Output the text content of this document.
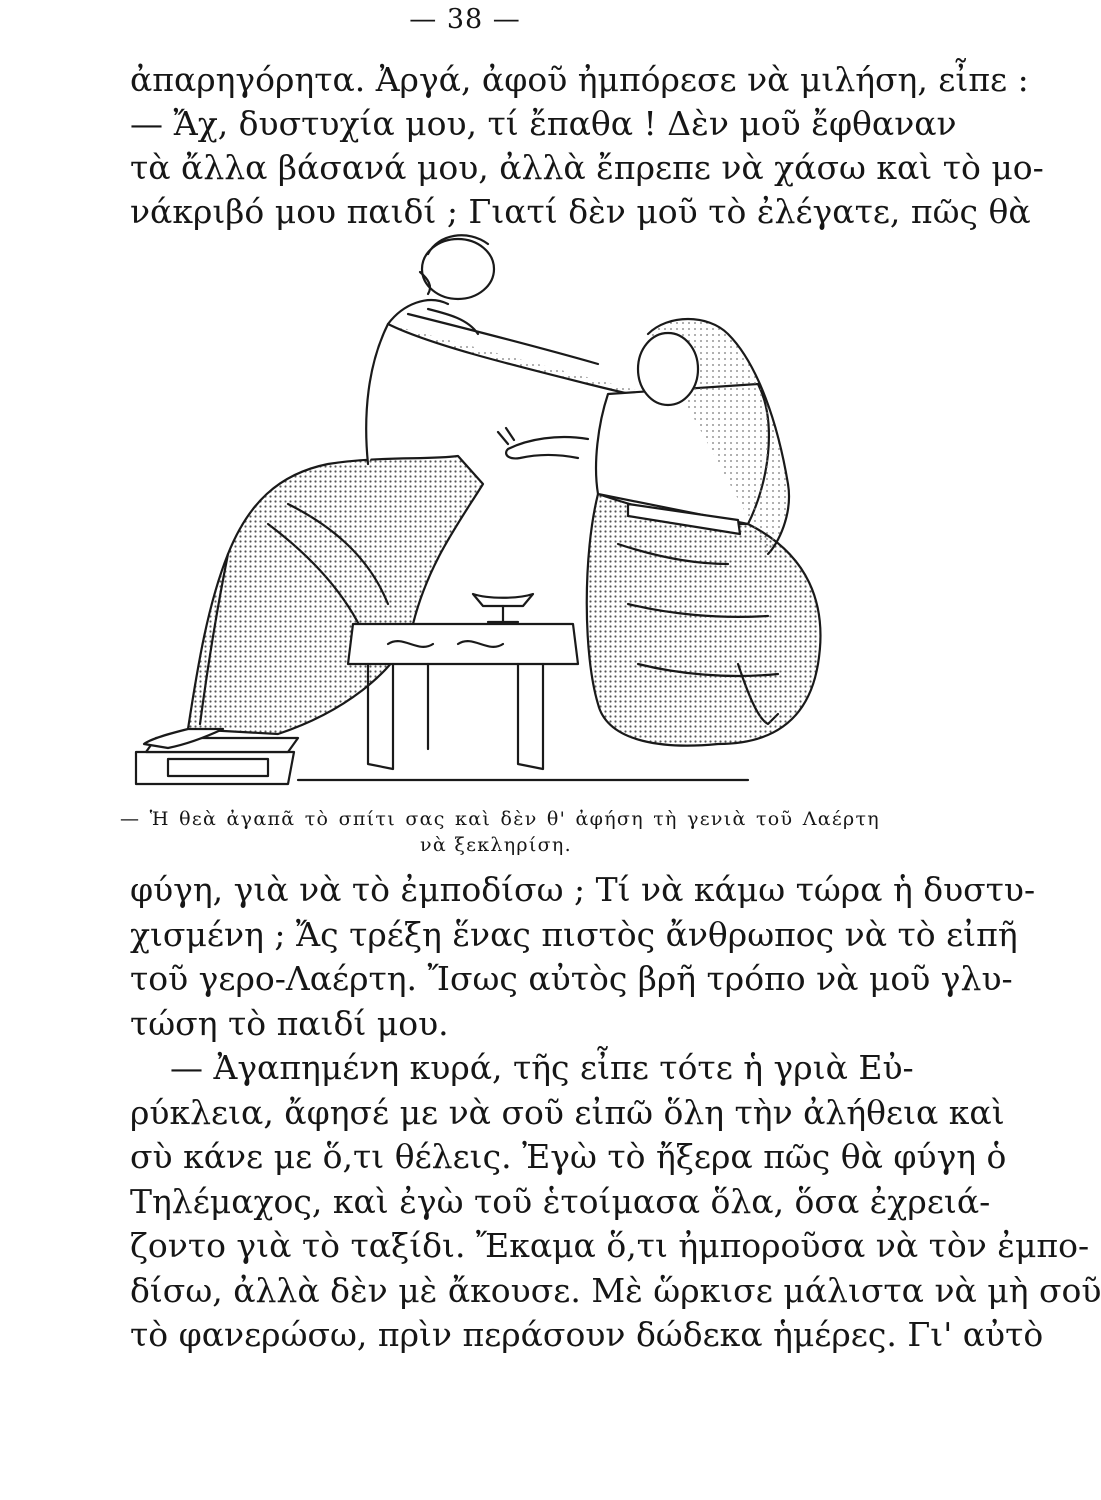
— 38 —
ἀπαρηγόρητα. Ἀργά, ἀφοῦ ἠμπόρεσε νὰ μιλήση, εἶπε :
— Ἄχ, δυστυχία μου, τί ἔπαθα ! Δὲν μοῦ ἔφθαναν
τὰ ἄλλα βάσανά μου, ἀλλὰ ἔπρεπε νὰ χάσω καὶ τὸ μο-
νάκριβό μου παιδί ; Γιατί δὲν μοῦ τὸ ἐλέγατε, πῶς θὰ
— Ἡ θεὰ ἀγαπᾶ τὸ σπίτι σας καὶ δὲν θ' ἀφήση τὴ γενιὰ τοῦ Λαέρτη
νὰ ξεκληρίση.
φύγη, γιὰ νὰ τὸ ἐμποδίσω ; Τί νὰ κάμω τώρα ἡ δυστυ-
χισμένη ; Ἄς τρέξη ἕνας πιστὸς ἄνθρωπος νὰ τὸ εἰπῆ
τοῦ γερο-Λαέρτη. Ἴσως αὐτὸς βρῆ τρόπο νὰ μοῦ γλυ-
τώση τὸ παιδί μου.
— Ἀγαπημένη κυρά, τῆς εἶπε τότε ἡ γριὰ Εὐ-
ρύκλεια, ἄφησέ με νὰ σοῦ εἰπῶ ὅλη τὴν ἀλήθεια καὶ
σὺ κάνε με ὅ,τι θέλεις. Ἐγὼ τὸ ἤξερα πῶς θὰ φύγη ὁ
Τηλέμαχος, καὶ ἐγὼ τοῦ ἑτοίμασα ὅλα, ὅσα ἐχρειά-
ζοντο γιὰ τὸ ταξίδι. Ἔκαμα ὅ,τι ἠμποροῦσα νὰ τὸν ἐμπο-
δίσω, ἀλλὰ δὲν μὲ ἄκουσε. Μὲ ὥρκισε μάλιστα νὰ μὴ σοῦ
τὸ φανερώσω, πρὶν περάσουν δώδεκα ἡμέρες. Γι' αὐτὸ
